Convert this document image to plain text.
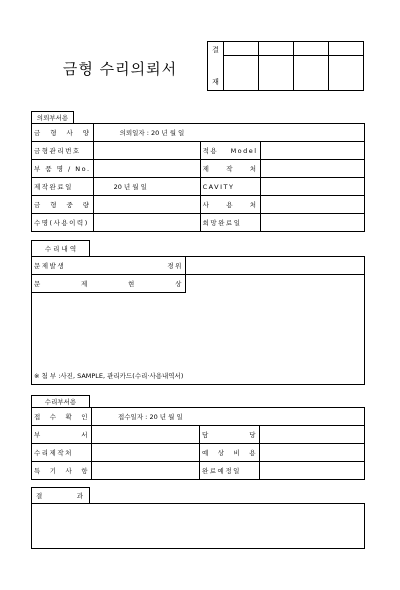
금형 수리의뢰서
결

재				

의뢰부서용
금 형 사 양	의뢰일자 : 20 년 월 일		
금형관리번호		적용 Model	
부 품 명 / No.		제 작 처	
제작완료일	20 년 월 일	CAVITY	
금 형 중 량		사 용 처	
수명(사용이력)		희망완료일	
수 리 내 역
문제발생 경위	
문 제 현 상	
※ 첨 부 :사진, SAMPLE, 관리카드(수리·사용내역서)	
수리부서용
접 수 확 인	접수일자 : 20 년 월 일		
부 서		담 당	
수리제작처		예 상 비 용	
특 기 사 항		완료예정일	
결 과
